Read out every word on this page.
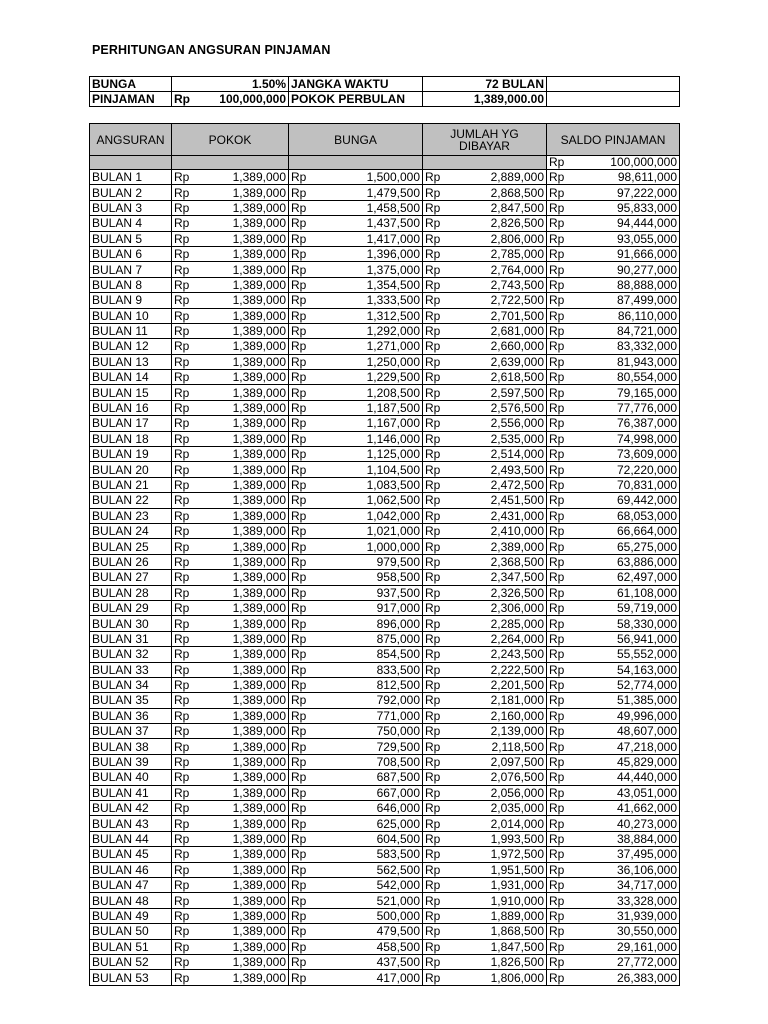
PERHITUNGAN ANGSURAN PINJAMAN
BUNGA	1.50%		JANGKA WAKTU	72 BULAN	
PINJAMAN	Rp	100,000,000	POKOK PERBULAN	1,389,000.00	
ANGSURAN	POKOK		BUNGA		JUMLAH YG DIBAYAR		SALDO PINJAMAN	
							Rp	100,000,000
BULAN 1	Rp	1,389,000	Rp	1,500,000	Rp	2,889,000	Rp	98,611,000
BULAN 2	Rp	1,389,000	Rp	1,479,500	Rp	2,868,500	Rp	97,222,000
BULAN 3	Rp	1,389,000	Rp	1,458,500	Rp	2,847,500	Rp	95,833,000
BULAN 4	Rp	1,389,000	Rp	1,437,500	Rp	2,826,500	Rp	94,444,000
BULAN 5	Rp	1,389,000	Rp	1,417,000	Rp	2,806,000	Rp	93,055,000
BULAN 6	Rp	1,389,000	Rp	1,396,000	Rp	2,785,000	Rp	91,666,000
BULAN 7	Rp	1,389,000	Rp	1,375,000	Rp	2,764,000	Rp	90,277,000
BULAN 8	Rp	1,389,000	Rp	1,354,500	Rp	2,743,500	Rp	88,888,000
BULAN 9	Rp	1,389,000	Rp	1,333,500	Rp	2,722,500	Rp	87,499,000
BULAN 10	Rp	1,389,000	Rp	1,312,500	Rp	2,701,500	Rp	86,110,000
BULAN 11	Rp	1,389,000	Rp	1,292,000	Rp	2,681,000	Rp	84,721,000
BULAN 12	Rp	1,389,000	Rp	1,271,000	Rp	2,660,000	Rp	83,332,000
BULAN 13	Rp	1,389,000	Rp	1,250,000	Rp	2,639,000	Rp	81,943,000
BULAN 14	Rp	1,389,000	Rp	1,229,500	Rp	2,618,500	Rp	80,554,000
BULAN 15	Rp	1,389,000	Rp	1,208,500	Rp	2,597,500	Rp	79,165,000
BULAN 16	Rp	1,389,000	Rp	1,187,500	Rp	2,576,500	Rp	77,776,000
BULAN 17	Rp	1,389,000	Rp	1,167,000	Rp	2,556,000	Rp	76,387,000
BULAN 18	Rp	1,389,000	Rp	1,146,000	Rp	2,535,000	Rp	74,998,000
BULAN 19	Rp	1,389,000	Rp	1,125,000	Rp	2,514,000	Rp	73,609,000
BULAN 20	Rp	1,389,000	Rp	1,104,500	Rp	2,493,500	Rp	72,220,000
BULAN 21	Rp	1,389,000	Rp	1,083,500	Rp	2,472,500	Rp	70,831,000
BULAN 22	Rp	1,389,000	Rp	1,062,500	Rp	2,451,500	Rp	69,442,000
BULAN 23	Rp	1,389,000	Rp	1,042,000	Rp	2,431,000	Rp	68,053,000
BULAN 24	Rp	1,389,000	Rp	1,021,000	Rp	2,410,000	Rp	66,664,000
BULAN 25	Rp	1,389,000	Rp	1,000,000	Rp	2,389,000	Rp	65,275,000
BULAN 26	Rp	1,389,000	Rp	979,500	Rp	2,368,500	Rp	63,886,000
BULAN 27	Rp	1,389,000	Rp	958,500	Rp	2,347,500	Rp	62,497,000
BULAN 28	Rp	1,389,000	Rp	937,500	Rp	2,326,500	Rp	61,108,000
BULAN 29	Rp	1,389,000	Rp	917,000	Rp	2,306,000	Rp	59,719,000
BULAN 30	Rp	1,389,000	Rp	896,000	Rp	2,285,000	Rp	58,330,000
BULAN 31	Rp	1,389,000	Rp	875,000	Rp	2,264,000	Rp	56,941,000
BULAN 32	Rp	1,389,000	Rp	854,500	Rp	2,243,500	Rp	55,552,000
BULAN 33	Rp	1,389,000	Rp	833,500	Rp	2,222,500	Rp	54,163,000
BULAN 34	Rp	1,389,000	Rp	812,500	Rp	2,201,500	Rp	52,774,000
BULAN 35	Rp	1,389,000	Rp	792,000	Rp	2,181,000	Rp	51,385,000
BULAN 36	Rp	1,389,000	Rp	771,000	Rp	2,160,000	Rp	49,996,000
BULAN 37	Rp	1,389,000	Rp	750,000	Rp	2,139,000	Rp	48,607,000
BULAN 38	Rp	1,389,000	Rp	729,500	Rp	2,118,500	Rp	47,218,000
BULAN 39	Rp	1,389,000	Rp	708,500	Rp	2,097,500	Rp	45,829,000
BULAN 40	Rp	1,389,000	Rp	687,500	Rp	2,076,500	Rp	44,440,000
BULAN 41	Rp	1,389,000	Rp	667,000	Rp	2,056,000	Rp	43,051,000
BULAN 42	Rp	1,389,000	Rp	646,000	Rp	2,035,000	Rp	41,662,000
BULAN 43	Rp	1,389,000	Rp	625,000	Rp	2,014,000	Rp	40,273,000
BULAN 44	Rp	1,389,000	Rp	604,500	Rp	1,993,500	Rp	38,884,000
BULAN 45	Rp	1,389,000	Rp	583,500	Rp	1,972,500	Rp	37,495,000
BULAN 46	Rp	1,389,000	Rp	562,500	Rp	1,951,500	Rp	36,106,000
BULAN 47	Rp	1,389,000	Rp	542,000	Rp	1,931,000	Rp	34,717,000
BULAN 48	Rp	1,389,000	Rp	521,000	Rp	1,910,000	Rp	33,328,000
BULAN 49	Rp	1,389,000	Rp	500,000	Rp	1,889,000	Rp	31,939,000
BULAN 50	Rp	1,389,000	Rp	479,500	Rp	1,868,500	Rp	30,550,000
BULAN 51	Rp	1,389,000	Rp	458,500	Rp	1,847,500	Rp	29,161,000
BULAN 52	Rp	1,389,000	Rp	437,500	Rp	1,826,500	Rp	27,772,000
BULAN 53	Rp	1,389,000	Rp	417,000	Rp	1,806,000	Rp	26,383,000
